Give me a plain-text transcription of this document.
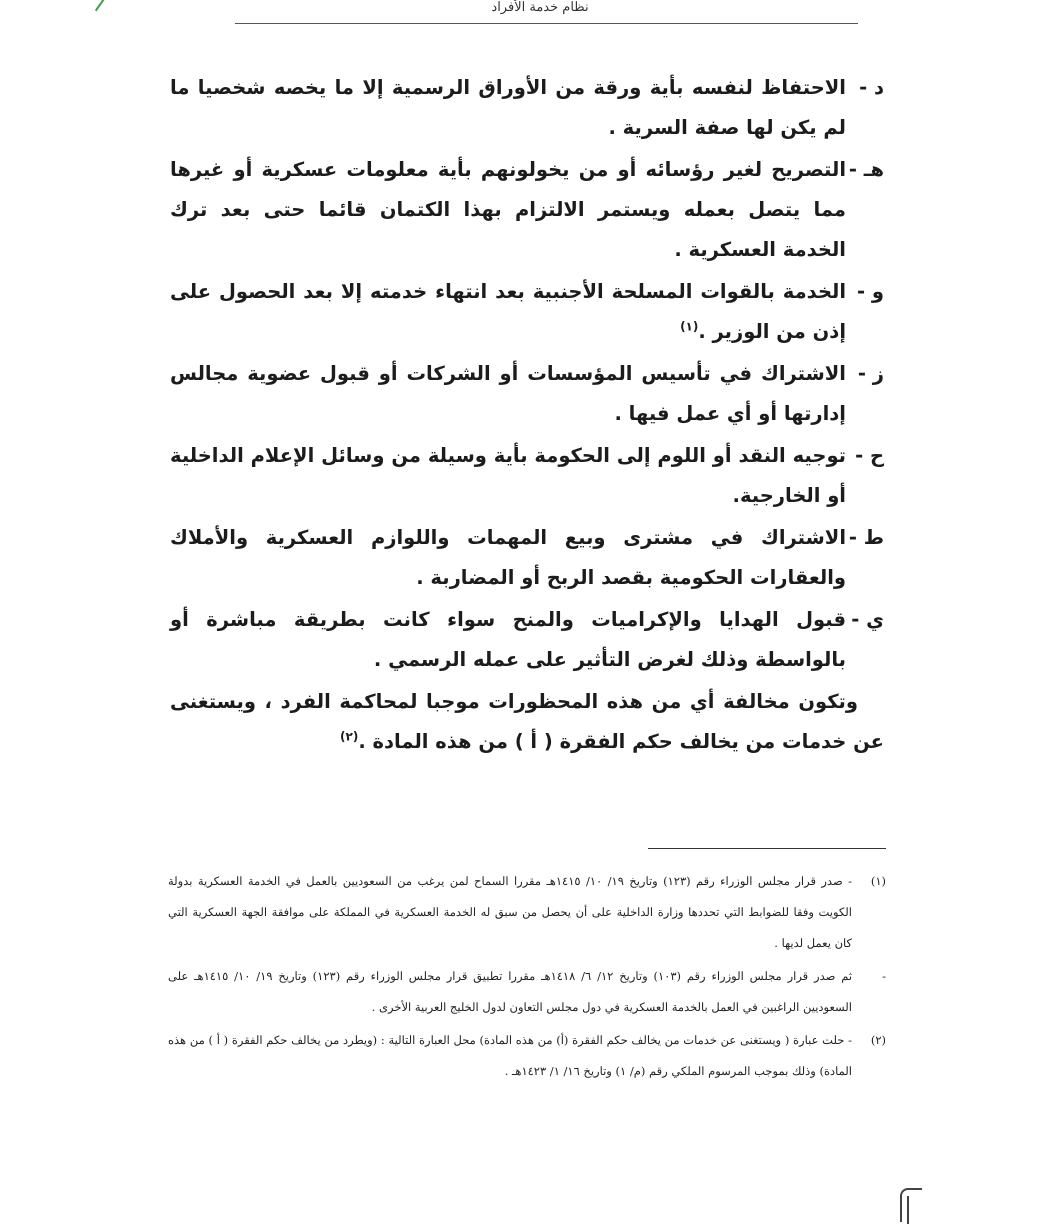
نظام خدمة الأفراد
د -
الاحتفاظ لنفسه بأية ورقة من الأوراق الرسمية إلا ما يخصه شخصيا ما لم يكن لها صفة السرية .
هـ -
التصريح لغير رؤسائه أو من يخولونهم بأية معلومات عسكرية أو غيرها مما يتصل بعمله ويستمر الالتزام بهذا الكتمان قائما حتى بعد ترك الخدمة العسكرية .
و -
الخدمة بالقوات المسلحة الأجنبية بعد انتهاء خدمته إلا بعد الحصول على إذن من الوزير .$^{(١)}$
ز -
الاشتراك في تأسيس المؤسسات أو الشركات أو قبول عضوية مجالس إدارتها أو أي عمل فيها .
ح -
توجيه النقد أو اللوم إلى الحكومة بأية وسيلة من وسائل الإعلام الداخلية أو الخارجية.
ط -
الاشتراك في مشترى وبيع المهمات واللوازم العسكرية والأملاك والعقارات الحكومية بقصد الربح أو المضاربة .
ي -
قبول الهدايا والإكراميات والمنح سواء كانت بطريقة مباشرة أو بالواسطة وذلك لغرض التأثير على عمله الرسمي .
وتكون مخالفة أي من هذه المحظورات موجبا لمحاكمة الفرد ، ويستغنى عن خدمات من يخالف حكم الفقرة ( أ ) من هذه المادة .$^{(٢)}$
(١)
- صدر قرار مجلس الوزراء رقم (١٢٣) وتاريخ ١٩/ ١٠/ ١٤١٥هـ مقررا السماح لمن يرغب من السعوديين بالعمل في الخدمة العسكرية بدولة الكويت وفقا للضوابط التي تحددها وزارة الداخلية على أن يحصل من سبق له الخدمة العسكرية في المملكة على موافقة الجهة العسكرية التي كان يعمل لديها .
-
ثم صدر قرار مجلس الوزراء رقم (١٠٣) وتاريخ ١٢/ ٦/ ١٤١٨هـ مقررا تطبيق قرار مجلس الوزراء رقم (١٢٣) وتاريخ ١٩/ ١٠/ ١٤١٥هـ على السعوديين الراغبين في العمل بالخدمة العسكرية في دول مجلس التعاون لدول الخليج العربية الأخرى .
(٢)
- حلت عبارة ( ويستغنى عن خدمات من يخالف حكم الفقرة (أ) من هذه المادة) محل العبارة التالية : (ويطرد من يخالف حكم الفقرة ( أ ) من هذه المادة) وذلك بموجب المرسوم الملكي رقم (م/ ١) وتاريخ ١٦/ ١/ ١٤٢٣هـ .
